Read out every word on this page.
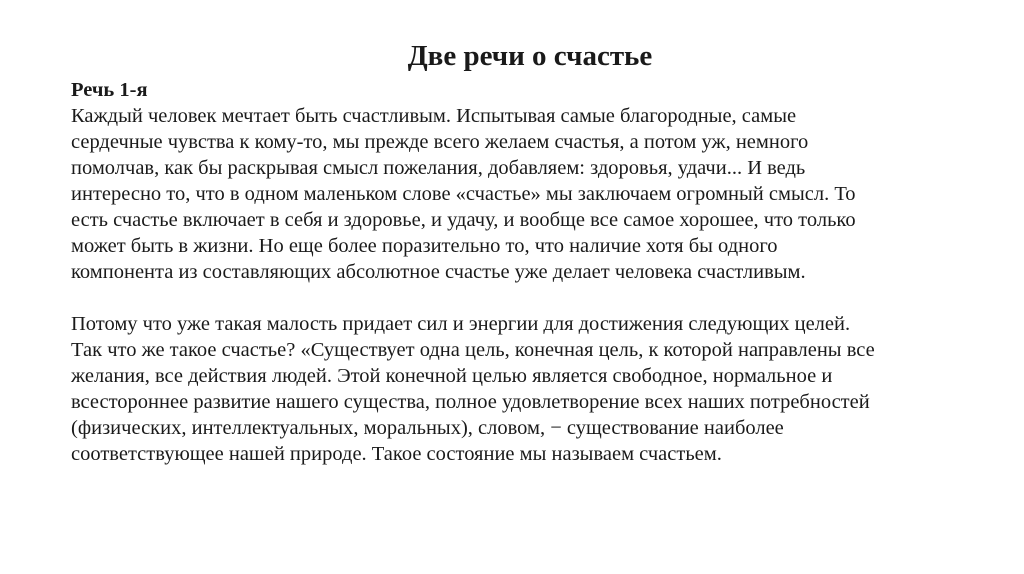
Две речи о счастье
Речь 1-я

Каждый человек мечтает быть счастливым. Испытывая самые благородные, самые
сердечные чувства к кому-то, мы прежде всего желаем счастья, а потом уж, немного
помолчав, как бы раскрывая смысл пожелания, добавляем: здоровья, удачи... И ведь
интересно то, что в одном маленьком слове «счастье» мы заключаем огромный смысл. То
есть счастье включает в себя и здоровье, и удачу, и вообще все самое хорошее, что только
может быть в жизни. Но еще более поразительно то, что наличие хотя бы одного
компонента из составляющих абсолютное счастье уже делает человека счастливым.

Потому что уже такая малость придает сил и энергии для достижения следующих целей.
Так что же такое счастье? «Существует одна цель, конечная цель, к которой направлены все
желания, все действия людей. Этой конечной целью является свободное, нормальное и
всестороннее развитие нашего существа, полное удовлетворение всех наших потребностей
(физических, интеллектуальных, моральных), словом, − существование наиболее
соответствующее нашей природе. Такое состояние мы называем счастьем.
